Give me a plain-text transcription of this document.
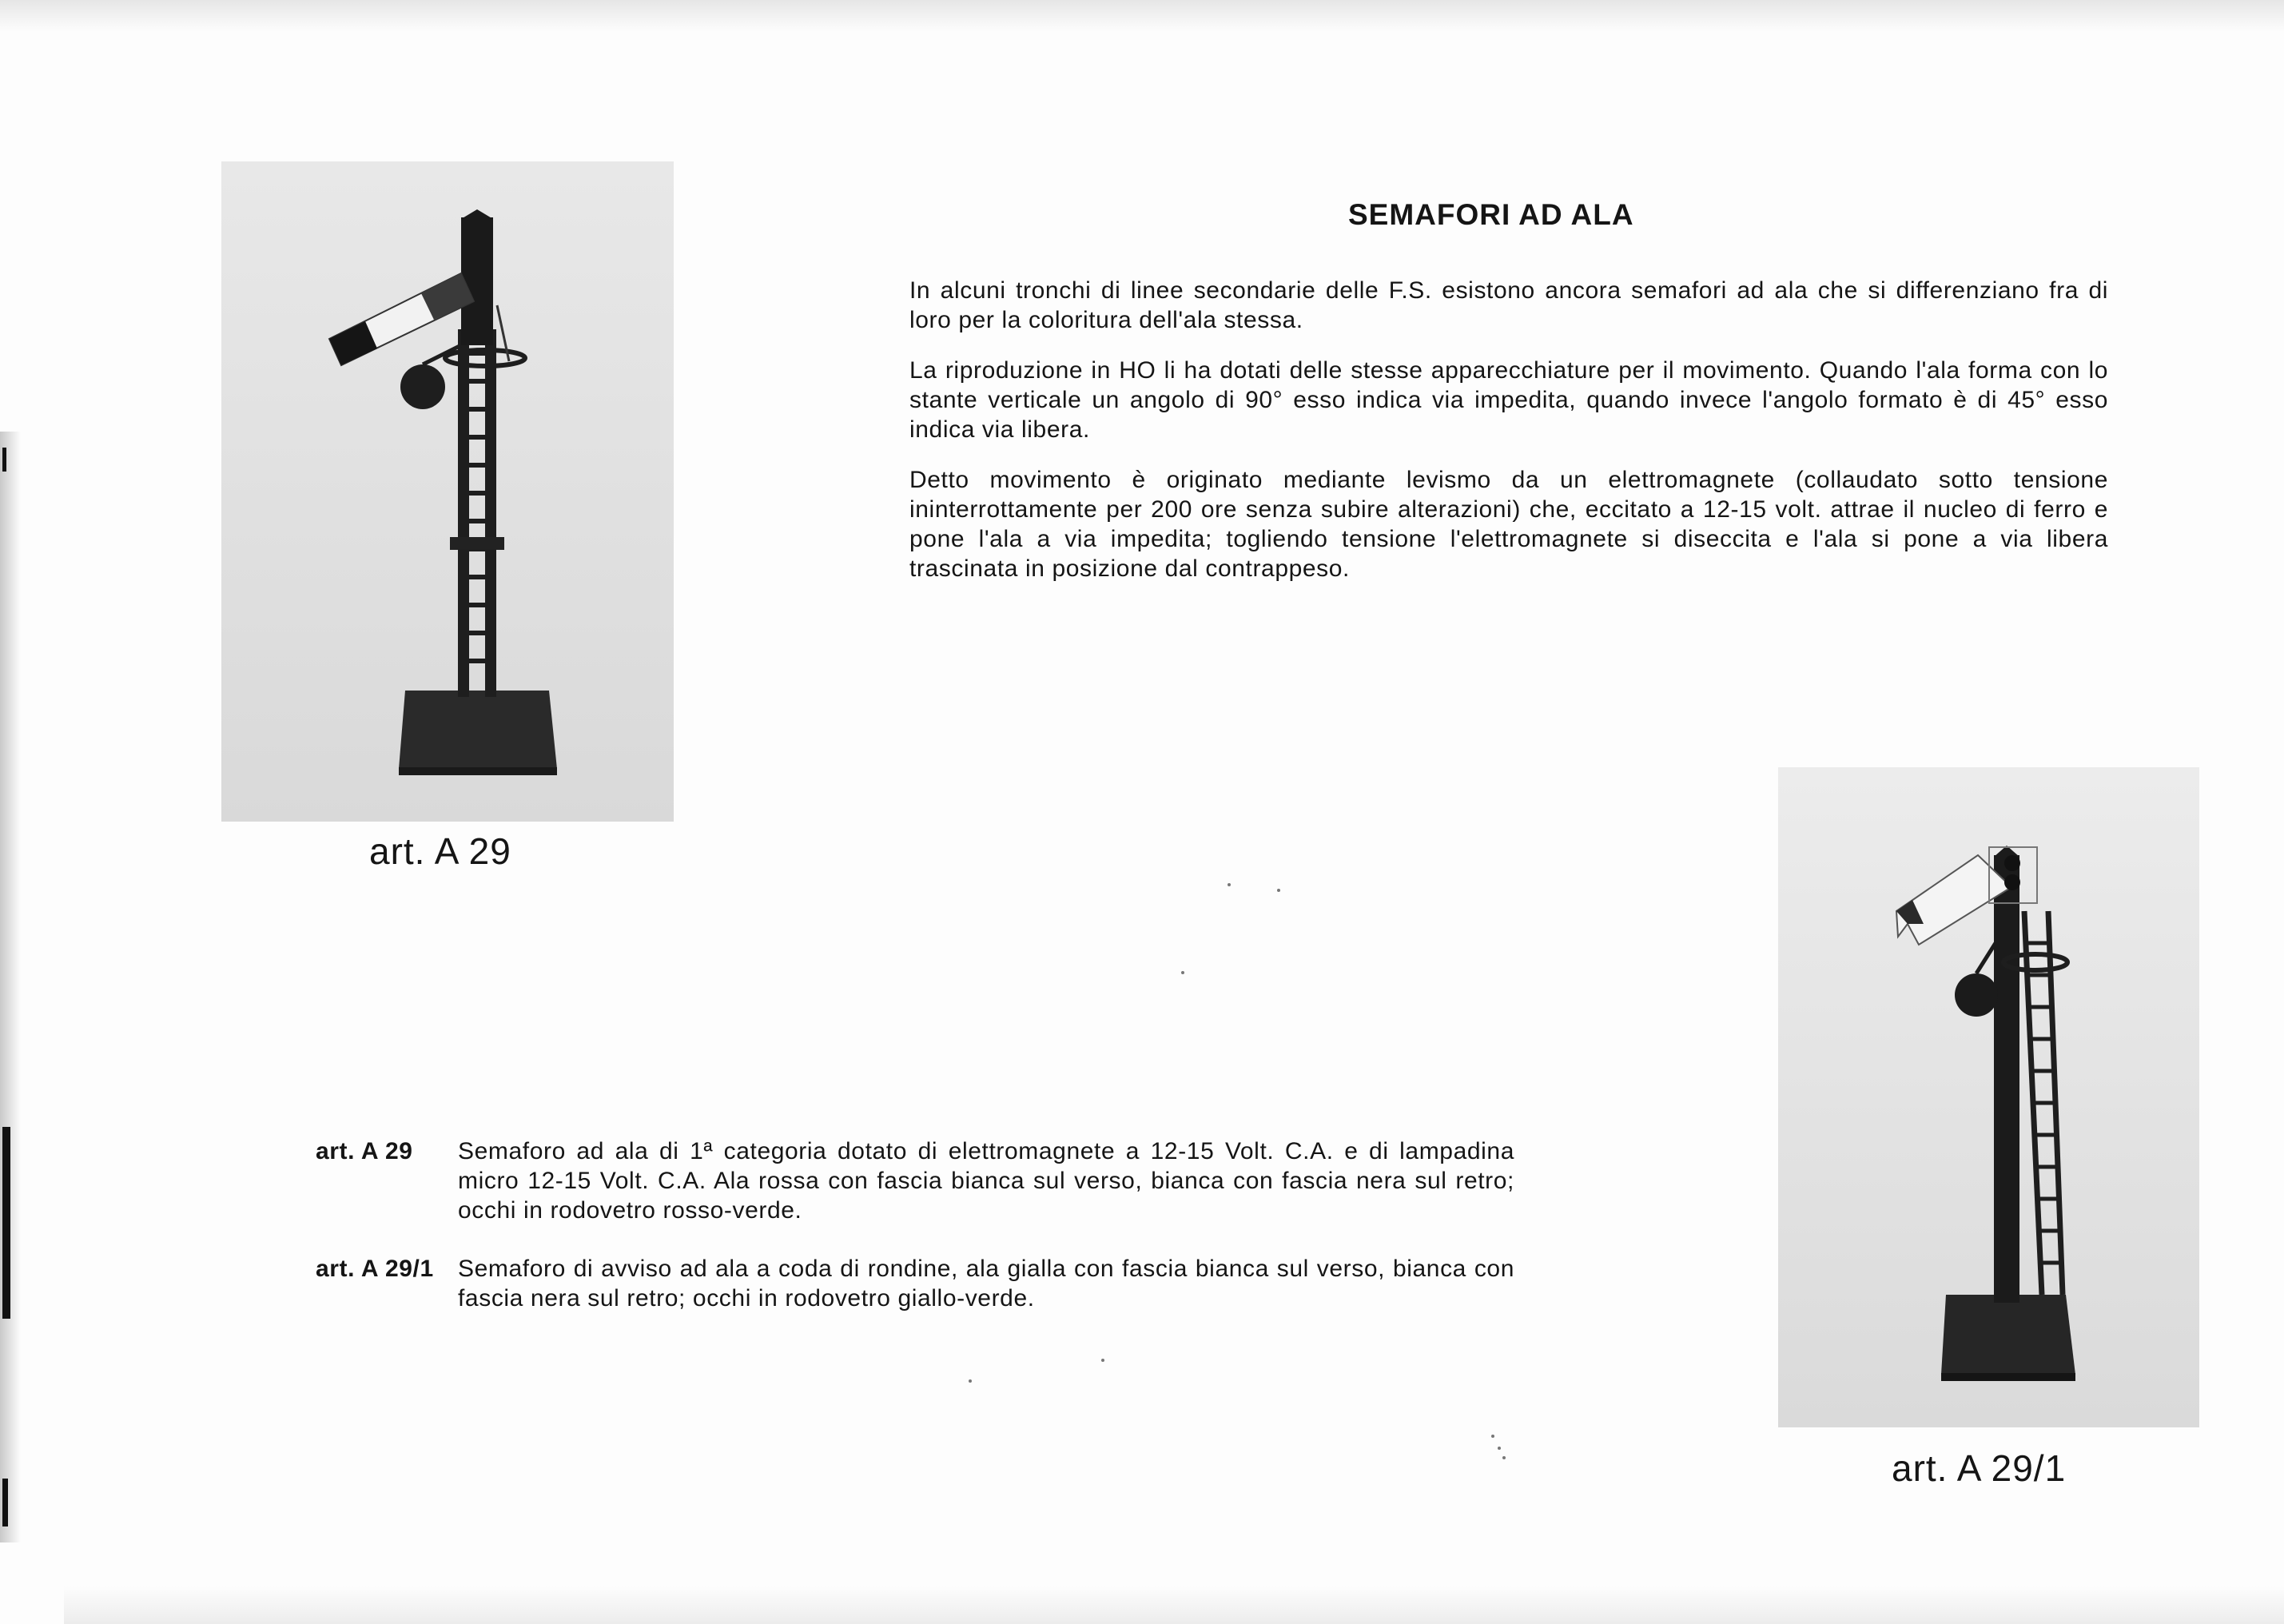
art. A 29
SEMAFORI AD ALA

In alcuni tronchi di linee secondarie delle F.S. esistono ancora semafori ad ala che si differenziano fra di loro per la coloritura dell'ala stessa.

La riproduzione in HO li ha dotati delle stesse apparecchiature per il movimento. Quando l'ala forma con lo stante verticale un angolo di 90° esso indica via impedita, quando invece l'angolo formato è di 45° esso indica via libera.

Detto movimento è originato mediante levismo da un elettromagnete (collaudato sotto tensione ininterrottamente per 200 ore senza subire alterazioni) che, eccitato a 12-15 volt. attrae il nucleo di ferro e pone l'ala a via impedita; togliendo tensione l'elettromagnete si diseccita e l'ala si pone a via libera trascinata in posizione dal contrappeso.

art. A 29/1
art. A 29 Semaforo ad ala di 1ª categoria dotato di elettromagnete a 12-15 Volt. C.A. e di lampadina micro 12-15 Volt. C.A. Ala rossa con fascia bianca sul verso, bianca con fascia nera sul retro; occhi in rodovetro rosso-verde.
art. A 29/1 Semaforo di avviso ad ala a coda di rondine, ala gialla con fascia bianca sul verso, bianca con fascia nera sul retro; occhi in rodovetro giallo-verde.
